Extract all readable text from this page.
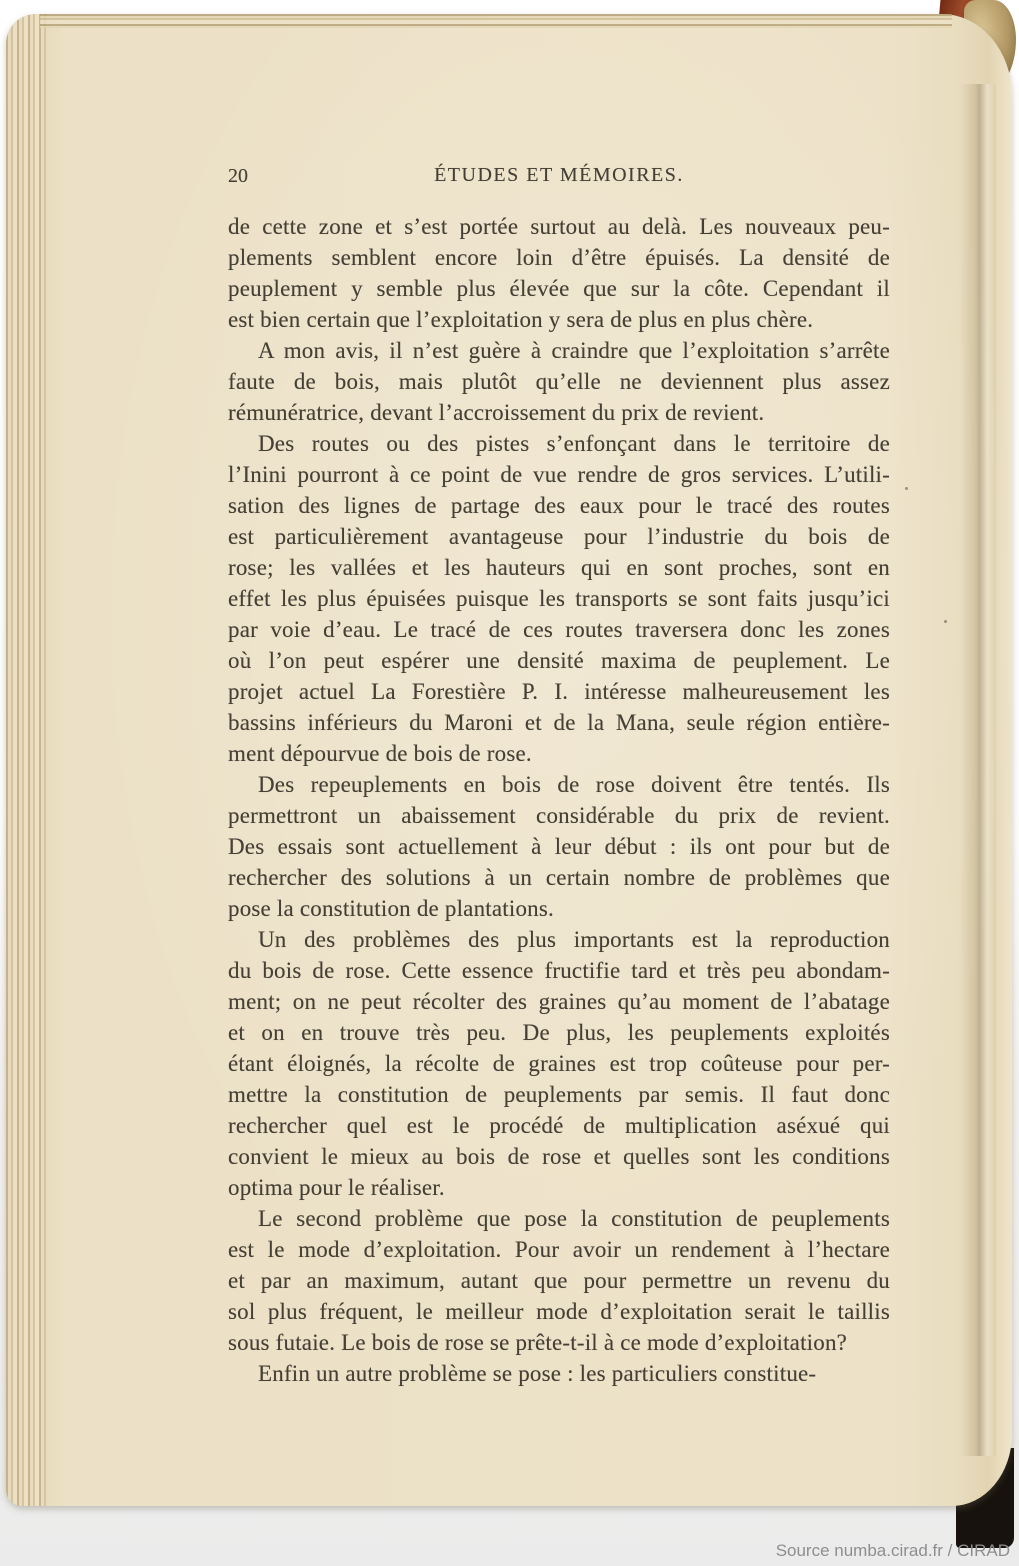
20	ÉTUDES ET MÉMOIRES.
de cette zone et s’est portée surtout au delà. Les nouveaux peu-
plements semblent encore loin d’être épuisés. La densité de
peuplement y semble plus élevée que sur la côte. Cependant il
est bien certain que l’exploitation y sera de plus en plus chère.
A mon avis, il n’est guère à craindre que l’exploitation s’arrête
faute de bois, mais plutôt qu’elle ne deviennent plus assez
rémunératrice, devant l’accroissement du prix de revient.
Des routes ou des pistes s’enfonçant dans le territoire de
l’Inini pourront à ce point de vue rendre de gros services. L’utili-
sation des lignes de partage des eaux pour le tracé des routes
est particulièrement avantageuse pour l’industrie du bois de
rose; les vallées et les hauteurs qui en sont proches, sont en
effet les plus épuisées puisque les transports se sont faits jusqu’ici
par voie d’eau. Le tracé de ces routes traversera donc les zones
où l’on peut espérer une densité maxima de peuplement. Le
projet actuel La Forestière P. I. intéresse malheureusement les
bassins inférieurs du Maroni et de la Mana, seule région entière-
ment dépourvue de bois de rose.
Des repeuplements en bois de rose doivent être tentés. Ils
permettront un abaissement considérable du prix de revient.
Des essais sont actuellement à leur début : ils ont pour but de
rechercher des solutions à un certain nombre de problèmes que
pose la constitution de plantations.
Un des problèmes des plus importants est la reproduction
du bois de rose. Cette essence fructifie tard et très peu abondam-
ment; on ne peut récolter des graines qu’au moment de l’abatage
et on en trouve très peu. De plus, les peuplements exploités
étant éloignés, la récolte de graines est trop coûteuse pour per-
mettre la constitution de peuplements par semis. Il faut donc
rechercher quel est le procédé de multiplication aséxué qui
convient le mieux au bois de rose et quelles sont les conditions
optima pour le réaliser.
Le second problème que pose la constitution de peuplements
est le mode d’exploitation. Pour avoir un rendement à l’hectare
et par an maximum, autant que pour permettre un revenu du
sol plus fréquent, le meilleur mode d’exploitation serait le taillis
sous futaie. Le bois de rose se prête-t-il à ce mode d’exploitation?
Enfin un autre problème se pose : les particuliers constitue-
Source numba.cirad.fr / CIRAD
